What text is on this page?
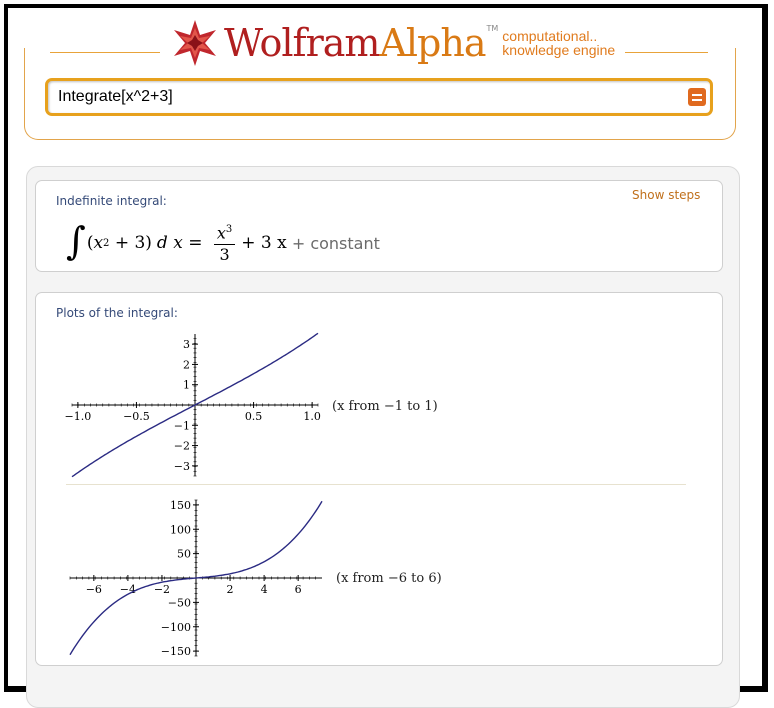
Wolfram Alpha TM computational..
knowledge engine
Integrate[x^2+3]
Indefinite integral:	Show steps
∫ ( x 2 + 3) d $x = \frac{x^3}{3} + 3$ x + constant
Plots of the integral:
−1.0	−0.5	0.5	1.0
3
2
1
−1
−2
−3
(x from −1 to 1)
−6 −4 −2	2 4 6
150
100
50
−50
−100
−150
(x from −6 to 6)
